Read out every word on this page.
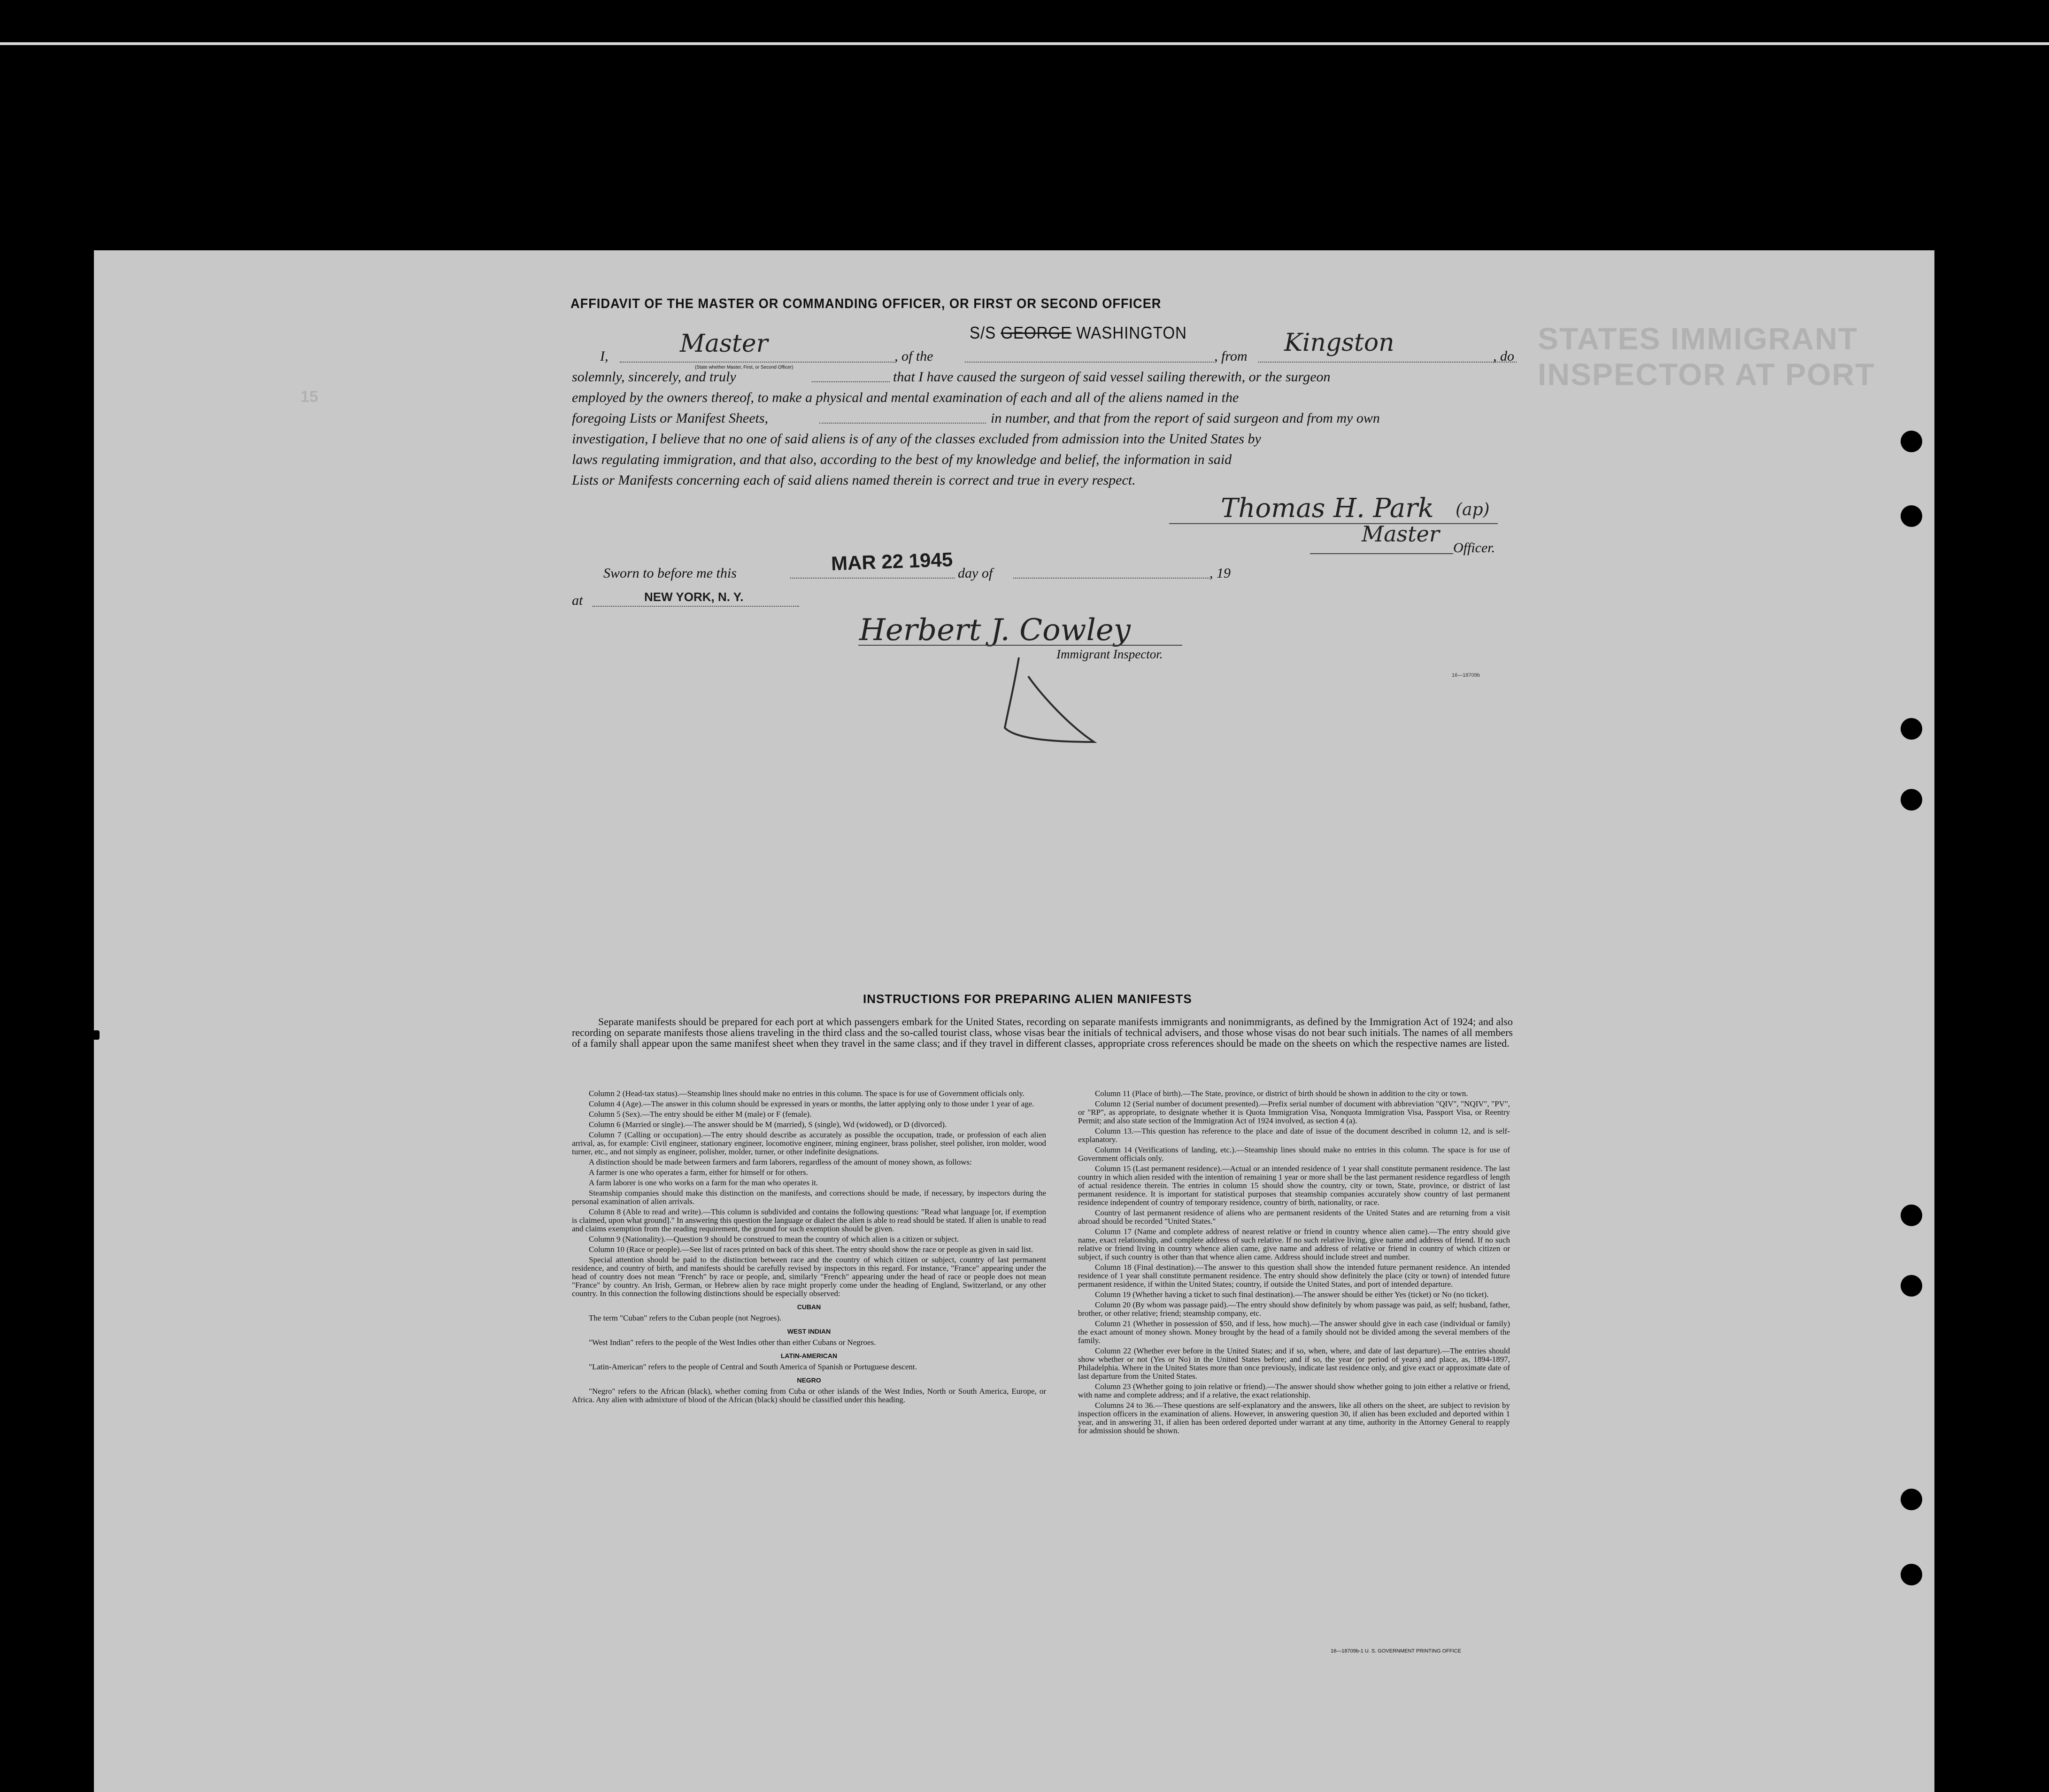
STATES IMMIGRANT INSPECTOR AT PORT
15
AFFIDAVIT OF THE MASTER OR COMMANDING OFFICER, OR FIRST OR SECOND OFFICER
S/S GEORGE WASHINGTON
I,	Master
(State whether Master, First, or Second Officer)
, of the	, from Kingston	, do
solemnly, sincerely, and truly	that I have caused the surgeon of said vessel sailing therewith, or the surgeon
employed by the owners thereof, to make a physical and mental examination of each and all of the aliens named in the
foregoing Lists or Manifest Sheets,	in number, and that from the report of said surgeon and from my own
investigation, I believe that no one of said aliens is of any of the classes excluded from admission into the United States by
laws regulating immigration, and that also, according to the best of my knowledge and belief, the information in said
Lists or Manifests concerning each of said aliens named therein is correct and true in every respect.
Thomas H. Park (ap)
Master
Officer.
Sworn to before me this	MAR 22 1945 day of	, 19
at	NEW YORK, N. Y.
Herbert J. Cowley
Immigrant Inspector.
16—18709b
INSTRUCTIONS FOR PREPARING ALIEN MANIFESTS
Separate manifests should be prepared for each port at which passengers embark for the United States, recording on separate manifests immigrants and nonimmigrants, as defined by the Immigration Act of 1924; and also recording on separate manifests those aliens traveling in the third class and the so-called tourist class, whose visas bear the initials of technical advisers, and those whose visas do not bear such initials. The names of all members of a family shall appear upon the same manifest sheet when they travel in the same class; and if they travel in different classes, appropriate cross references should be made on the sheets on which the respective names are listed.

Column 2 (Head-tax status).—Steamship lines should make no entries in this column. The space is for use of Government officials only.

Column 4 (Age).—The answer in this column should be expressed in years or months, the latter applying only to those under 1 year of age.

Column 5 (Sex).—The entry should be either M (male) or F (female).

Column 6 (Married or single).—The answer should be M (married), S (single), Wd (widowed), or D (divorced).

Column 7 (Calling or occupation).—The entry should describe as accurately as possible the occupation, trade, or profession of each alien arrival, as, for example: Civil engineer, stationary engineer, locomotive engineer, mining engineer, brass polisher, steel polisher, iron molder, wood turner, etc., and not simply as engineer, polisher, molder, turner, or other indefinite designations.

A distinction should be made between farmers and farm laborers, regardless of the amount of money shown, as follows:

A farmer is one who operates a farm, either for himself or for others.

A farm laborer is one who works on a farm for the man who operates it.

Steamship companies should make this distinction on the manifests, and corrections should be made, if necessary, by inspectors during the personal examination of alien arrivals.

Column 8 (Able to read and write).—This column is subdivided and contains the following questions: "Read what language [or, if exemption is claimed, upon what ground]." In answering this question the language or dialect the alien is able to read should be stated. If alien is unable to read and claims exemption from the reading requirement, the ground for such exemption should be given.

Column 9 (Nationality).—Question 9 should be construed to mean the country of which alien is a citizen or subject.

Column 10 (Race or people).—See list of races printed on back of this sheet. The entry should show the race or people as given in said list.

Special attention should be paid to the distinction between race and the country of which citizen or subject, country of last permanent residence, and country of birth, and manifests should be carefully revised by inspectors in this regard. For instance, "France" appearing under the head of country does not mean "French" by race or people, and, similarly "French" appearing under the head of race or people does not mean "France" by country. An Irish, German, or Hebrew alien by race might properly come under the heading of England, Switzerland, or any other country. In this connection the following distinctions should be especially observed:

CUBAN

The term "Cuban" refers to the Cuban people (not Negroes).

WEST INDIAN

"West Indian" refers to the people of the West Indies other than either Cubans or Negroes.

LATIN-AMERICAN

"Latin-American" refers to the people of Central and South America of Spanish or Portuguese descent.

NEGRO

"Negro" refers to the African (black), whether coming from Cuba or other islands of the West Indies, North or South America, Europe, or Africa. Any alien with admixture of blood of the African (black) should be classified under this heading.

Column 11 (Place of birth).—The State, province, or district of birth should be shown in addition to the city or town.

Column 12 (Serial number of document presented).—Prefix serial number of document with abbreviation "QIV", "NQIV", "PV", or "RP", as appropriate, to designate whether it is Quota Immigration Visa, Nonquota Immigration Visa, Passport Visa, or Reentry Permit; and also state section of the Immigration Act of 1924 involved, as section 4 (a).

Column 13.—This question has reference to the place and date of issue of the document described in column 12, and is self-explanatory.

Column 14 (Verifications of landing, etc.).—Steamship lines should make no entries in this column. The space is for use of Government officials only.

Column 15 (Last permanent residence).—Actual or an intended residence of 1 year shall constitute permanent residence. The last country in which alien resided with the intention of remaining 1 year or more shall be the last permanent residence regardless of length of actual residence therein. The entries in column 15 should show the country, city or town, State, province, or district of last permanent residence. It is important for statistical purposes that steamship companies accurately show country of last permanent residence independent of country of temporary residence, country of birth, nationality, or race.

Country of last permanent residence of aliens who are permanent residents of the United States and are returning from a visit abroad should be recorded "United States."

Column 17 (Name and complete address of nearest relative or friend in country whence alien came).—The entry should give name, exact relationship, and complete address of such relative. If no such relative living, give name and address of friend. If no such relative or friend living in country whence alien came, give name and address of relative or friend in country of which citizen or subject, if such country is other than that whence alien came. Address should include street and number.

Column 18 (Final destination).—The answer to this question shall show the intended future permanent residence. An intended residence of 1 year shall constitute permanent residence. The entry should show definitely the place (city or town) of intended future permanent residence, if within the United States; country, if outside the United States, and port of intended departure.

Column 19 (Whether having a ticket to such final destination).—The answer should be either Yes (ticket) or No (no ticket).

Column 20 (By whom was passage paid).—The entry should show definitely by whom passage was paid, as self; husband, father, brother, or other relative; friend; steamship company, etc.

Column 21 (Whether in possession of $50, and if less, how much).—The answer should give in each case (individual or family) the exact amount of money shown. Money brought by the head of a family should not be divided among the several members of the family.

Column 22 (Whether ever before in the United States; and if so, when, where, and date of last departure).—The entries should show whether or not (Yes or No) in the United States before; and if so, the year (or period of years) and place, as, 1894-1897, Philadelphia. Where in the United States more than once previously, indicate last residence only, and give exact or approximate date of last departure from the United States.

Column 23 (Whether going to join relative or friend).—The answer should show whether going to join either a relative or friend, with name and complete address; and if a relative, the exact relationship.

Columns 24 to 36.—These questions are self-explanatory and the answers, like all others on the sheet, are subject to revision by inspection officers in the examination of aliens. However, in answering question 30, if alien has been excluded and deported within 1 year, and in answering 31, if alien has been ordered deported under warrant at any time, authority in the Attorney General to reapply for admission should be shown.

16—18709b-1 U. S. GOVERNMENT PRINTING OFFICE
